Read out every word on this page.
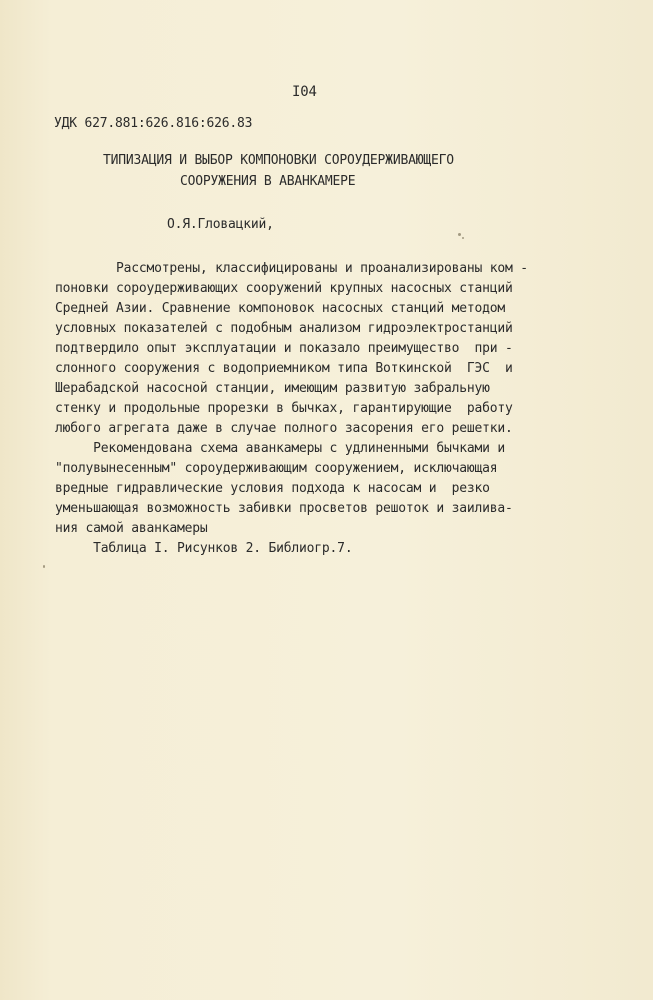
I04
УДК 627.881:626.816:626.83
ТИПИЗАЦИЯ И ВЫБОР КОМПОНОВКИ СОРОУДЕРЖИВАЮЩЕГО
СООРУЖЕНИЯ В АВАНКАМЕРЕ
О.Я.Гловацкий,
Рассмотрены, классифицированы и проанализированы ком -
поновки сороудерживающих сооружений крупных насосных станций
Средней Азии. Сравнение компоновок насосных станций методом
условных показателей с подобным анализом гидроэлектростанций
подтвердило опыт эксплуатации и показало преимущество  при -
слонного сооружения с водоприемником типа Воткинской  ГЭС  и
Шерабадской насосной станции, имеющим развитую забральную
стенку и продольные прорезки в бычках, гарантирующие  работу
любого агрегата даже в случае полного засорения его решетки.
Рекомендована схема аванкамеры с удлиненными бычками и
"полувынесенным" сороудерживающим сооружением, исключающая
вредные гидравлические условия подхода к насосам и  резко
уменьшающая возможность забивки просветов решоток и заилива-
ния самой аванкамеры
Таблица I. Рисунков 2. Библиогр.7.
